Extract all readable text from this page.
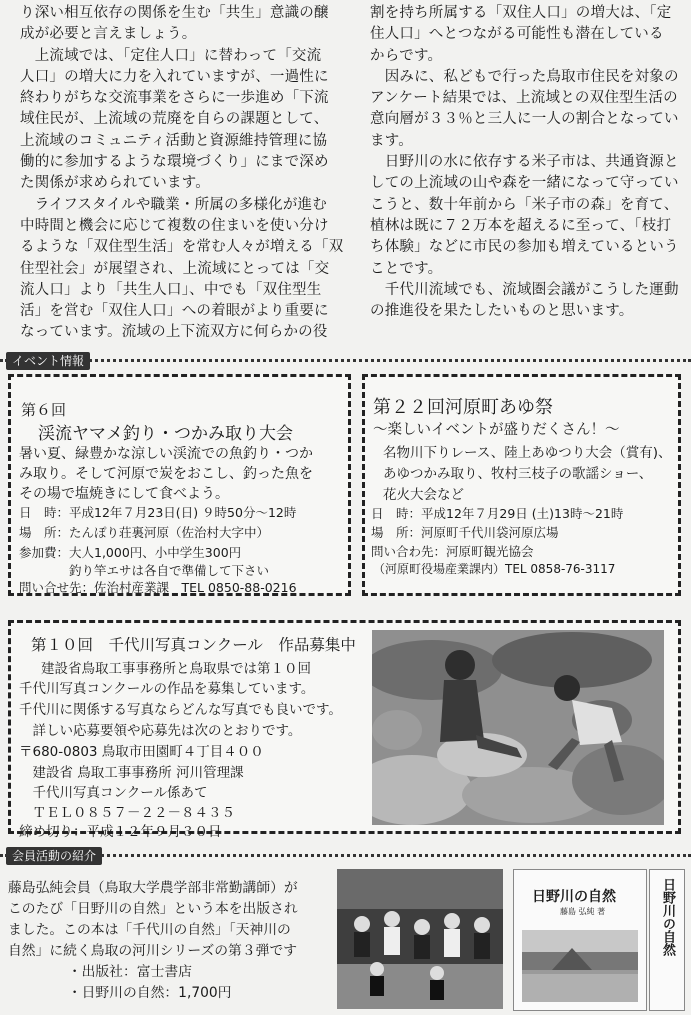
り深い相互依存の関係を生む「共生」意識の醸

成が必要と言えましょう。

　上流域では、「定住人口」に替わって「交流

人口」の増大に力を入れていますが、一過性に

終わりがちな交流事業をさらに一歩進め「下流

域住民が、上流域の荒廃を自らの課題として、

上流域のコミュニティ活動と資源維持管理に協

働的に参加するような環境づくり」にまで深め

た関係が求められています。

　ライフスタイルや職業・所属の多様化が進む

中時間と機会に応じて複数の住まいを使い分け

るような「双住型生活」を常む人々が増える「双

住型社会」が展望され、上流域にとっては「交

流人口」より「共生人口」、中でも「双住型生

活」を営む「双住人口」への着眼がより重要に

なっています。流域の上下流双方に何らかの役

割を持ち所属する「双住人口」の増大は、「定

住人口」へとつながる可能性も潜在している

からです。

　因みに、私どもで行った鳥取市住民を対象の

アンケート結果では、上流域との双住型生活の

意向層が３３％と三人に一人の割合となってい

ます。

　日野川の水に依存する米子市は、共通資源と

しての上流域の山や森を一緒になって守ってい

こうと、数十年前から「米子市の森」を育て、

植林は既に７２万本を超えるに至って、「枝打

ち体験」などに市民の参加も増えているという

ことです。

　千代川流域でも、流域圏会議がこうした運動

の推進役を果たしたいものと思います。

イベント情報
第６回
渓流ヤマメ釣り・つかみ取り大会
暑い夏、緑豊かな涼しい渓流での魚釣り・つか
み取り。そして河原で炭をおこし、釣った魚を
その場で塩焼きにして食べよう。
日　時：平成12年７月23日(日) ９時50分～12時
場　所：たんぽり荘裏河原（佐治村大字中）
参加費：大人1,000円、小中学生300円
　　　　釣り竿エサは各自で準備して下さい
問い合せ先：佐治村産業課　TEL 0850-88-0216
第２２回河原町あゆ祭
～楽しいイベントが盛りだくさん！～
名物川下りレース、陸上あゆつり大会（賞有)、
あゆつかみ取り、牧村三枝子の歌謡ショー、
花火大会など
日　時：平成12年７月29日 (土)13時～21時
場　所：河原町千代川袋河原広場
問い合わ先：河原町観光協会
（河原町役場産業課内）TEL 0858-76-3117
第１０回　千代川写真コンクール　作品募集中
建設省鳥取工事事務所と鳥取県では第１０回
千代川写真コンクールの作品を募集しています。
千代川に関係する写真ならどんな写真でも良いです。
　詳しい応募要領や応募先は次のとおりです。
〒680-0803 鳥取市田園町４丁目４００
　建設省 鳥取工事事務所 河川管理課
　千代川写真コンクール係あて
　ＴＥＬ０８５７－２２－８４３５
締め切り：平成１２年９月３０日
会員活動の紹介
藤島弘純会員（鳥取大学農学部非常勤講師）が
このたび「日野川の自然」という本を出版され
ました。この本は「千代川の自然」「天神川の
自然」に続く鳥取の河川シリーズの第３弾です
　・出版社：富士書店
　・日野川の自然：1,700円
日野川の自然
藤島 弘純 著	日野川の自然
